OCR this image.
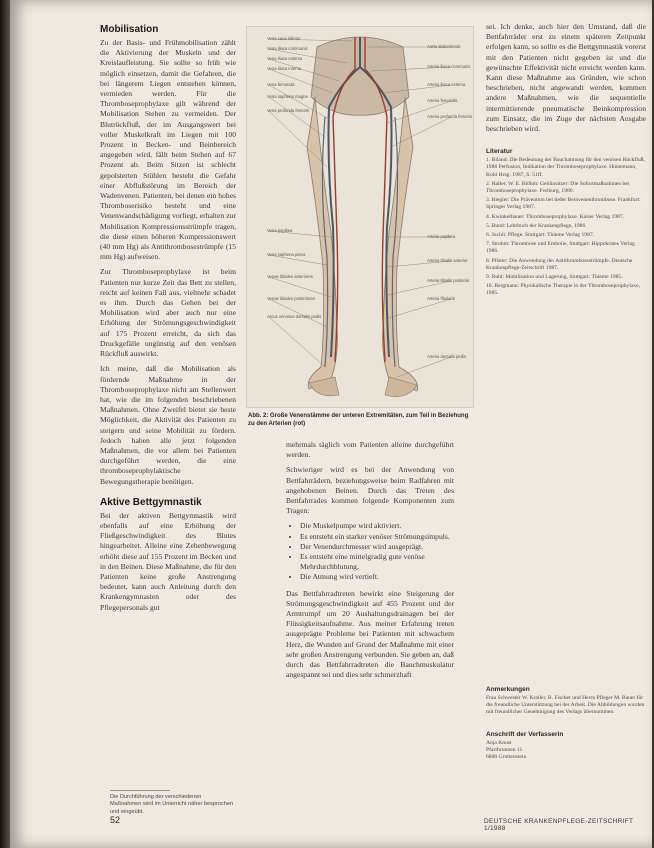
Mobilisation

Zu der Basis- und Frühmobilisation zählt die Aktivierung der Muskeln und der Kreislaufleistung. Sie sollte so früh wie möglich einsetzen, damit die Gefahren, die bei längerem Liegen entstehen können, vermieden werden. Für die Thromboseprophylaxe gilt während der Mobilisation Stehen zu vermeiden. Der Blutrückfluß, der im Ausgangswert bei voller Muskelkraft im Liegen mit 100 Prozent in Becken- und Beinbereich angegeben wird, fällt beim Stehen auf 67 Prozent ab. Beim Sitzen ist schlecht gepolsterten Stühlen besteht die Gefahr einer Abflußstörung im Bereich der Wadenvenen. Patienten, bei denen ein hohes Thromboserisiko besteht und eine Venenwandschädigung vorliegt, erhalten zur Mobilisation Kompressionsstrümpfe tragen, die diese einen höheren Kompressionswert (40 mm Hg) als Antithrombosestrümpfe (15 mm Hg) aufweisen.

Zur Thromboseprophylaxe ist beim Patienten nur kurze Zeit das Bett zu stellen, reicht auf keinen Fall aus, vielmehr schadet es ihm. Durch das Gehen bei der Mobilisation wird aber auch nur eine Erhöhung der Strömungsgeschwindigkeit auf 175 Prozent erreicht, da sich das Druckgefälle ungünstig auf den venösen Rückfluß auswirkt.

Ich meine, daß die Mobilisation als fördernde Maßnahme in der Thromboseprophylaxe nicht am Stellenwert hat, wie die im folgenden beschriebenen Maßnahmen. Ohne Zweifel bietet sie beste Möglichkeit, die Aktivität des Patienten zu steigern und seine Mobilität zu fördern. Jedoch haben alle jetzt folgenden Maßnahmen, die vor allem bei Patienten durchgeführt werden, die eine thromboseprophylaktische Bewegungstherapie benötigen.

Aktive Bettgymnastik

Bei der aktiven Bettgymnastik wird ebenfalls auf eine Erhöhung der Fließgeschwindigkeit des Blutes hingearbeitet. Alleine eine Zehenbewegung erhöht diese auf 155 Prozent im Becken und in den Beinen. Diese Maßnahme, die für den Patienten keine große Anstrengung bedeutet, kann auch Anleitung durch den Krankengymnasten oder des Pflegepersonals gut

Die Durchführung der verschiedenen Maßnahmen wird im Unterricht näher besprochen und eingeübt.
Vena cava inferior
Vena iliaca communis
Vena iliaca externa
Vena iliaca interna
Vena femoralis
Vena saphena magna
Vena profunda femoris
Vena poplitea
Vena saphena parva
Venae tibiales anteriores
Venae tibiales posteriores
Arcus venosus dorsalis pedis
Aorta abdominalis
Arteria iliaca communis
Arteria iliaca externa
Arteria femoralis
Arteria profunda femoris
Arteria poplitea
Arteria tibialis anterior
Arteria tibialis posterior
Arteria fibularis
Arteria dorsalis pedis
Abb. 2: Große Venenstämme der unteren Extremitäten, zum Teil in Beziehung zu den Arterien (rot)

mehrmals täglich vom Patienten alleine durchgeführt werden.

Schwieriger wird es bei der Anwendung von Bettfahrrädern, beziehungsweise beim Radfahren mit angehobenen Beinen. Durch das Treten des Bettfahrrades kommen folgende Komponenten zum Tragen:

• Die Muskelpumpe wird aktiviert.
• Es entsteht ein starker venöser Strömungsimpuls.
• Der Venendurchmesser wird ausgeprägt.
• Es entsteht eine mittelgradig gute venöse Mehrdurchblutung.
• Die Atmung wird vertieft.

Das Bettfahrradtreten bewirkt eine Steigerung der Strömungsgeschwindigkeit auf 455 Prozent und der Armtrumpf um 20 Aushaltungsdrainagen bei der Flüssigkeitsaufnahme. Aus meiner Erfahrung treten ausgeprägte Probleme bei Patienten mit schwachem Herz, die Wunden auf Grund der Maßnahme mit einer sehr großen Anstrengung verbunden. Sie geben an, daß durch das Bettfahrradtreten die Bauchmuskulatur angespannt sei und dies sehr schmerzhaft

sei. Ich denke, auch hier den Umstand, daß die Bettfahrräder erst zu einem späteren Zeitpunkt erfolgen kann, so sollte es die Bettgymnastik vorerst mit den Patienten nicht gegeben ist und die gewünschte Effektivität nicht erreicht werden kann. Kann diese Maßnahme aus Gründen, wie schon beschrieben, nicht angewandt werden, kommen andere Maßnahmen, wie die sequentielle intermittierende pneumatische Beinkompression zum Einsatz, die im Zuge der nächsten Ausgabe beschrieben wird.

Literatur
1. Biland: Die Bedeutung der Bauchatmung für den venösen Rückfluß, 1988 Perfusion, Indikation der Thromboseprophylaxe. Hüntemann, Kohl Hrsg. 1987, S. 51ff.
2. Haller, W. E. Blöhm: Gehlinsitzer: Die Sofortmaßnahmen bei Thromboseprophylaxe. Freiburg, 1986.
3. Biegler: Die Prävention bei tiefer Beinvenenthrombose. Frankfurt: Springer Verlag 1987.
4. Kwinkelbauer: Thromboseprophylaxe. Kaiser Verlag 1987.
5. Bund: Lehrbuch der Krankenpflege, 1986.
6. Juchli: Pflege. Stuttgart: Thieme Verlag 1987.
7. Strohm: Thrombose und Embolie, Stuttgart: Hippokrates Verlag 1986.
8. Pfister: Die Anwendung der Antithrombosestrümpfe. Deutsche Krankenpflege-Zeitschrift 1987.
9. Ruhl: Mobilisation und Lagerung, Stuttgart: Thieme 1985.
10. Bergmann: Physikalische Therapie in der Thromboseprophylaxe, 1985.
Anmerkungen
Frau Schwester W. Kraller, B. Fischer und Herrn Pfleger M. Bauer für die freundliche Unterstützung bei der Arbeit. Die Abbildungen wurden mit freundlicher Genehmigung des Verlags übernommen.
Anschrift der Verfasserin
Anja Knust
Pfarrbrunnen 11
6800 Gruttenstein
52	DEUTSCHE KRANKENPFLEGE-ZEITSCHRIFT 1/1988
